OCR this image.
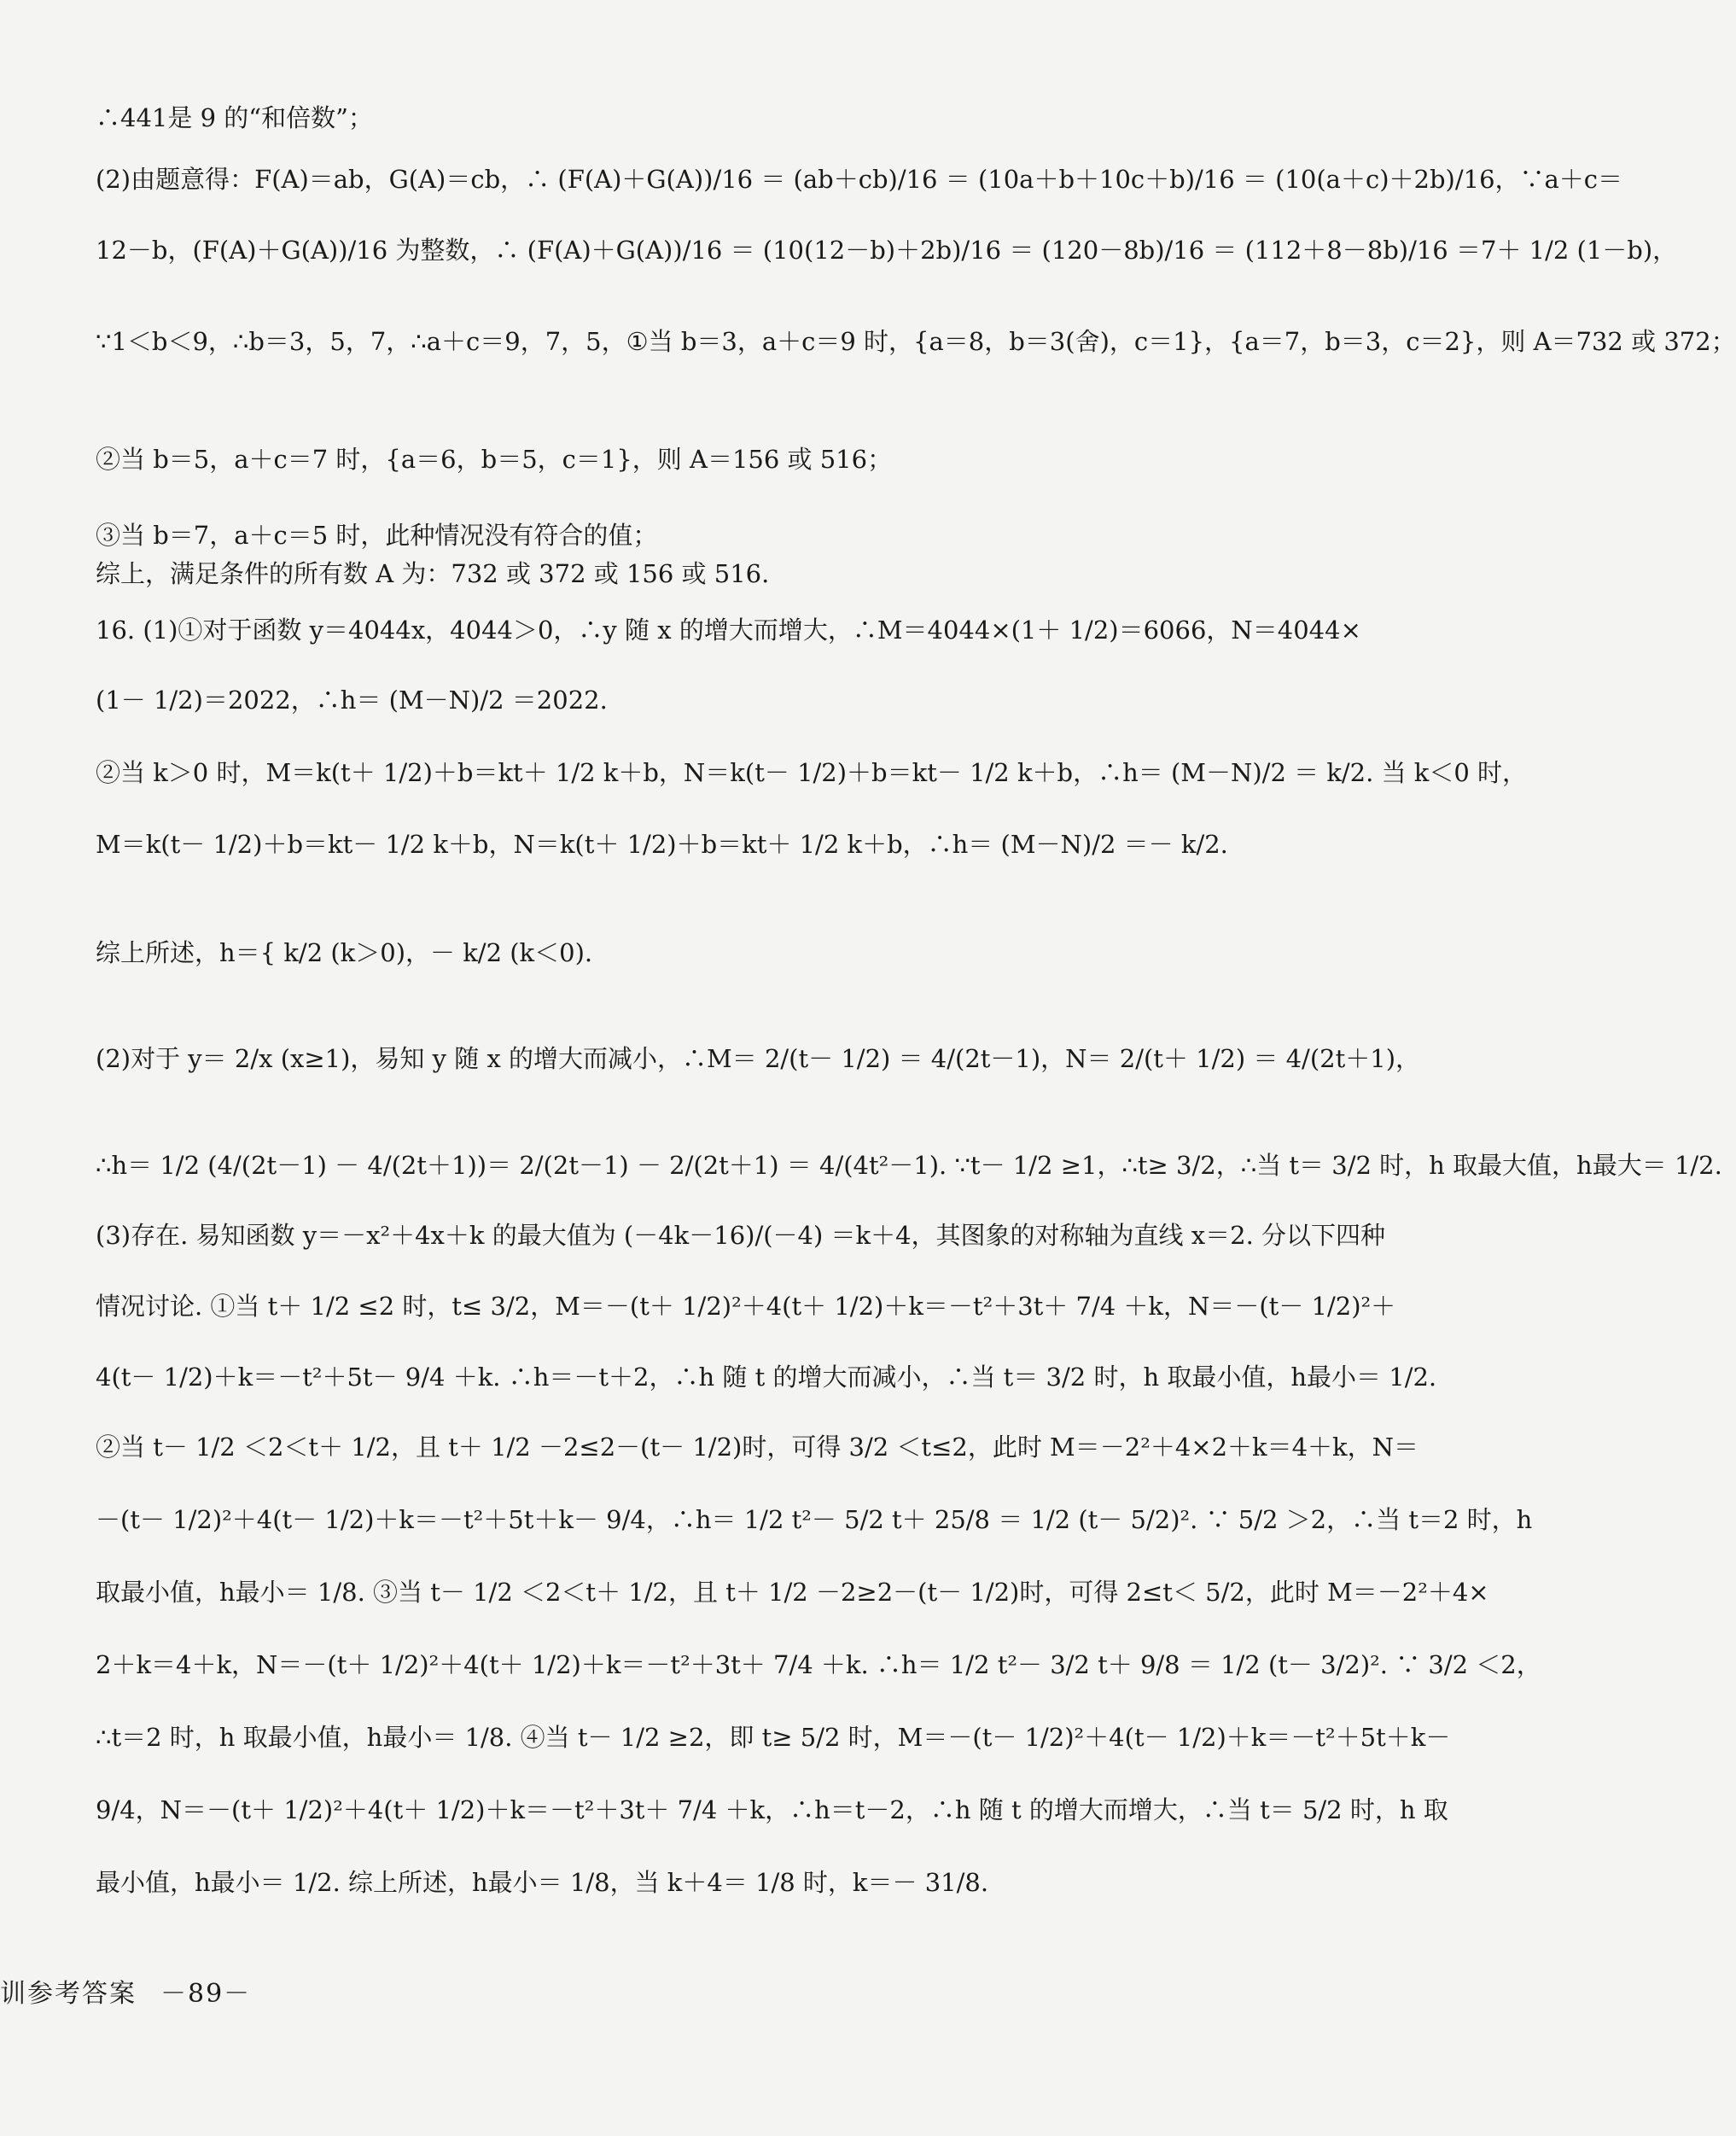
∴441是 9 的“和倍数”；
(2)由题意得：F(A)＝ab，G(A)＝cb，∴ (F(A)＋G(A))/16 ＝ (ab＋cb)/16 ＝ (10a＋b＋10c＋b)/16 ＝ (10(a＋c)＋2b)/16，∵a＋c＝
12－b，(F(A)＋G(A))/16 为整数，∴ (F(A)＋G(A))/16 ＝ (10(12－b)＋2b)/16 ＝ (120－8b)/16 ＝ (112＋8－8b)/16 ＝7＋ 1/2 (1－b)，
∵1＜b＜9，∴b＝3，5，7，∴a＋c＝9，7，5，①当 b＝3，a＋c＝9 时，{a＝8，b＝3(舍)，c＝1}，{a＝7，b＝3，c＝2}，则 A＝732 或 372；
②当 b＝5，a＋c＝7 时，{a＝6，b＝5，c＝1}，则 A＝156 或 516；
③当 b＝7，a＋c＝5 时，此种情况没有符合的值；
综上，满足条件的所有数 A 为：732 或 372 或 156 或 516.
16. (1)①对于函数 y＝4044x，4044＞0，∴y 随 x 的增大而增大，∴M＝4044×(1＋ 1/2)＝6066，N＝4044×
(1－ 1/2)＝2022，∴h＝ (M－N)/2 ＝2022.
②当 k＞0 时，M＝k(t＋ 1/2)＋b＝kt＋ 1/2 k＋b，N＝k(t－ 1/2)＋b＝kt－ 1/2 k＋b，∴h＝ (M－N)/2 ＝ k/2. 当 k＜0 时，
M＝k(t－ 1/2)＋b＝kt－ 1/2 k＋b，N＝k(t＋ 1/2)＋b＝kt＋ 1/2 k＋b，∴h＝ (M－N)/2 ＝－ k/2.
综上所述，h＝{ k/2 (k＞0)，－ k/2 (k＜0).
(2)对于 y＝ 2/x (x≥1)，易知 y 随 x 的增大而减小，∴M＝ 2/(t－ 1/2) ＝ 4/(2t－1)，N＝ 2/(t＋ 1/2) ＝ 4/(2t＋1)，
∴h＝ 1/2 (4/(2t－1) － 4/(2t＋1))＝ 2/(2t－1) － 2/(2t＋1) ＝ 4/(4t²－1). ∵t－ 1/2 ≥1，∴t≥ 3/2，∴当 t＝ 3/2 时，h 取最大值，h最大＝ 1/2.
(3)存在. 易知函数 y＝－x²＋4x＋k 的最大值为 (－4k－16)/(－4) ＝k＋4，其图象的对称轴为直线 x＝2. 分以下四种
情况讨论. ①当 t＋ 1/2 ≤2 时，t≤ 3/2，M＝－(t＋ 1/2)²＋4(t＋ 1/2)＋k＝－t²＋3t＋ 7/4 ＋k，N＝－(t－ 1/2)²＋
4(t－ 1/2)＋k＝－t²＋5t－ 9/4 ＋k. ∴h＝－t＋2，∴h 随 t 的增大而减小，∴当 t＝ 3/2 时，h 取最小值，h最小＝ 1/2.
②当 t－ 1/2 ＜2＜t＋ 1/2，且 t＋ 1/2 －2≤2－(t－ 1/2)时，可得 3/2 ＜t≤2，此时 M＝－2²＋4×2＋k＝4＋k，N＝
－(t－ 1/2)²＋4(t－ 1/2)＋k＝－t²＋5t＋k－ 9/4，∴h＝ 1/2 t²－ 5/2 t＋ 25/8 ＝ 1/2 (t－ 5/2)². ∵ 5/2 ＞2，∴当 t＝2 时，h
取最小值，h最小＝ 1/8. ③当 t－ 1/2 ＜2＜t＋ 1/2，且 t＋ 1/2 －2≥2－(t－ 1/2)时，可得 2≤t＜ 5/2，此时 M＝－2²＋4×
2＋k＝4＋k，N＝－(t＋ 1/2)²＋4(t＋ 1/2)＋k＝－t²＋3t＋ 7/4 ＋k. ∴h＝ 1/2 t²－ 3/2 t＋ 9/8 ＝ 1/2 (t－ 3/2)². ∵ 3/2 ＜2，
∴t＝2 时，h 取最小值，h最小＝ 1/8. ④当 t－ 1/2 ≥2，即 t≥ 5/2 时，M＝－(t－ 1/2)²＋4(t－ 1/2)＋k＝－t²＋5t＋k－
9/4，N＝－(t＋ 1/2)²＋4(t＋ 1/2)＋k＝－t²＋3t＋ 7/4 ＋k，∴h＝t－2，∴h 随 t 的增大而增大，∴当 t＝ 5/2 时，h 取
最小值，h最小＝ 1/2. 综上所述，h最小＝ 1/8，当 k＋4＝ 1/8 时，k＝－ 31/8.
训参考答案 －89－
